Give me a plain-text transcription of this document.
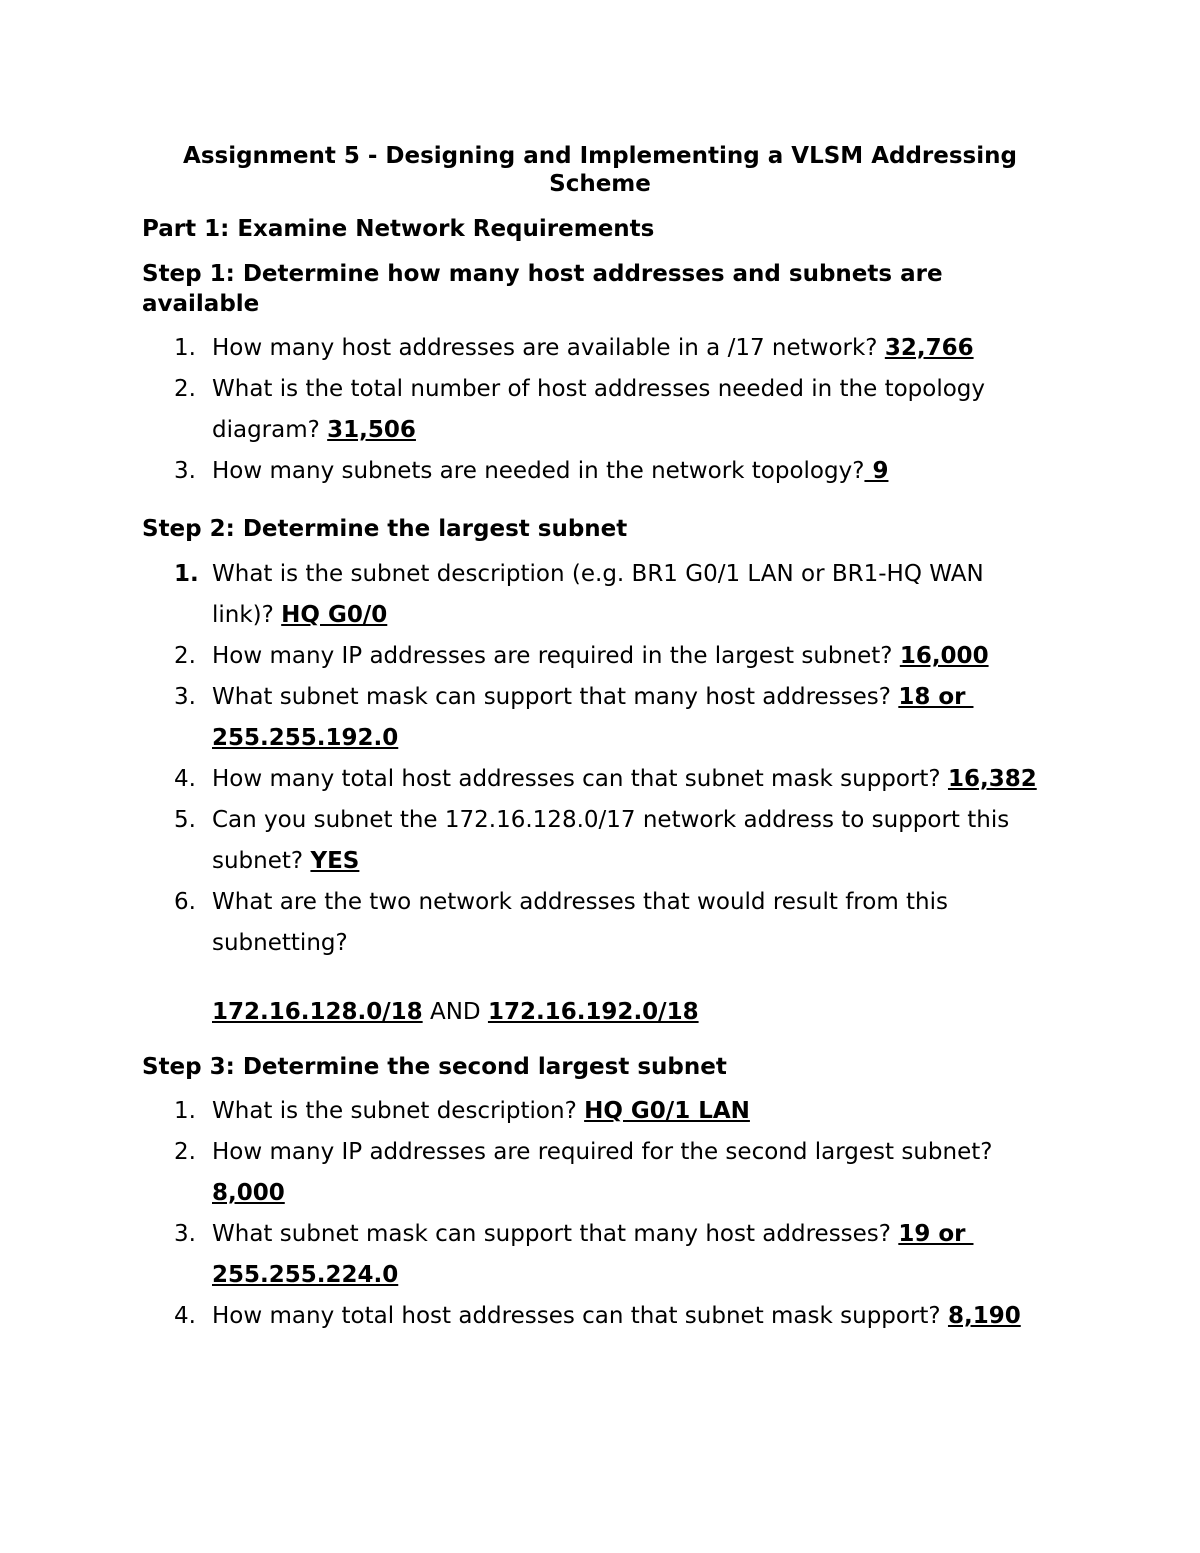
Assignment 5 - Designing and Implementing a VLSM Addressing
Scheme
Part 1: Examine Network Requirements
Step 1: Determine how many host addresses and subnets are
available
1. How many host addresses are available in a /17 network? 32,766
2. What is the total number of host addresses needed in the topology
diagram? 31,506
3. How many subnets are needed in the network topology? 9
Step 2: Determine the largest subnet
1. What is the subnet description (e.g. BR1 G0/1 LAN or BR1-HQ WAN
link)? HQ G0/0
2. How many IP addresses are required in the largest subnet? 16,000
3. What subnet mask can support that many host addresses? 18 or
255.255.192.0
4. How many total host addresses can that subnet mask support? 16,382
5. Can you subnet the 172.16.128.0/17 network address to support this
subnet? YES
6. What are the two network addresses that would result from this
subnetting?
172.16.128.0/18 AND 172.16.192.0/18
Step 3: Determine the second largest subnet
1. What is the subnet description? HQ G0/1 LAN
2. How many IP addresses are required for the second largest subnet?
8,000
3. What subnet mask can support that many host addresses? 19 or
255.255.224.0
4. How many total host addresses can that subnet mask support? 8,190
